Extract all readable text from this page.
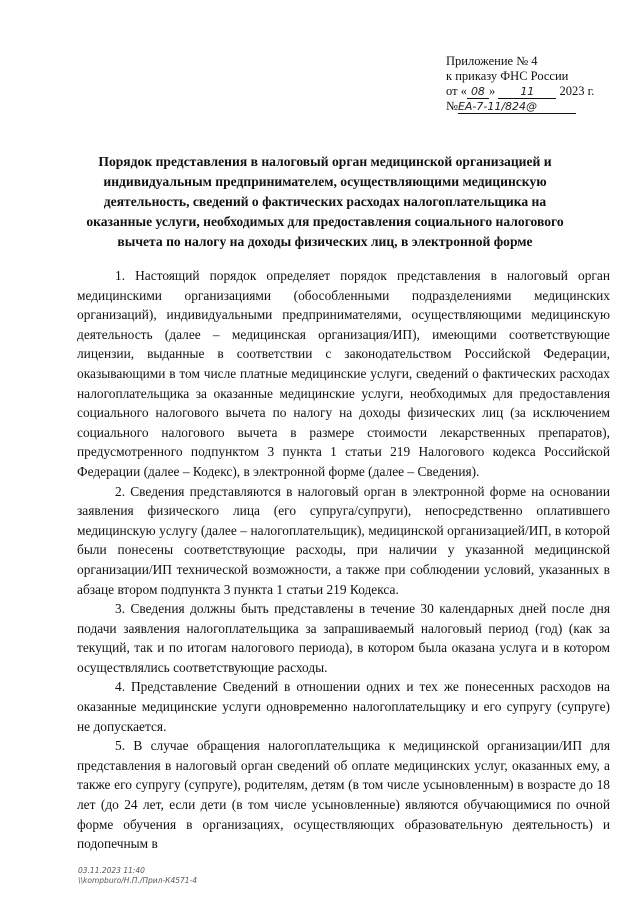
Приложение № 4
к приказу ФНС России
от « 08 » 11 2023 г.
№ЕА-7-11/824@
Порядок представления в налоговый орган медицинской организацией и индивидуальным предпринимателем, осуществляющими медицинскую деятельность, сведений о фактических расходах налогоплательщика на оказанные услуги, необходимых для предоставления социального налогового вычета по налогу на доходы физических лиц, в электронной форме

1. Настоящий порядок определяет порядок представления в налоговый орган медицинскими организациями (обособленными подразделениями медицинских организаций), индивидуальными предпринимателями, осуществляющими медицинскую деятельность (далее – медицинская организация/ИП), имеющими соответствующие лицензии, выданные в соответствии с законодательством Российской Федерации, оказывающими в том числе платные медицинские услуги, сведений о фактических расходах налогоплательщика за оказанные медицинские услуги, необходимых для предоставления социального налогового вычета по налогу на доходы физических лиц (за исключением социального налогового вычета в размере стоимости лекарственных препаратов), предусмотренного подпунктом 3 пункта 1 статьи 219 Налогового кодекса Российской Федерации (далее – Кодекс), в электронной форме (далее – Сведения).

2. Сведения представляются в налоговый орган в электронной форме на основании заявления физического лица (его супруга/супруги), непосредственно оплатившего медицинскую услугу (далее – налогоплательщик), медицинской организацией/ИП, в которой были понесены соответствующие расходы, при наличии у указанной медицинской организации/ИП технической возможности, а также при соблюдении условий, указанных в абзаце втором подпункта 3 пункта 1 статьи 219 Кодекса.

3. Сведения должны быть представлены в течение 30 календарных дней после дня подачи заявления налогоплательщика за запрашиваемый налоговый период (год) (как за текущий, так и по итогам налогового периода), в котором была оказана услуга и в котором осуществлялись соответствующие расходы.

4. Представление Сведений в отношении одних и тех же понесенных расходов на оказанные медицинские услуги одновременно налогоплательщику и его супругу (супруге) не допускается.

5. В случае обращения налогоплательщика к медицинской организации/ИП для представления в налоговый орган сведений об оплате медицинских услуг, оказанных ему, а также его супругу (супруге), родителям, детям (в том числе усыновленным) в возрасте до 18 лет (до 24 лет, если дети (в том числе усыновленные) являются обучающимися по очной форме обучения в организациях, осуществляющих образовательную деятельность) и подопечным в

03.11.2023 11:40
\\kompburo/Н.П./Прил-К4571-4
